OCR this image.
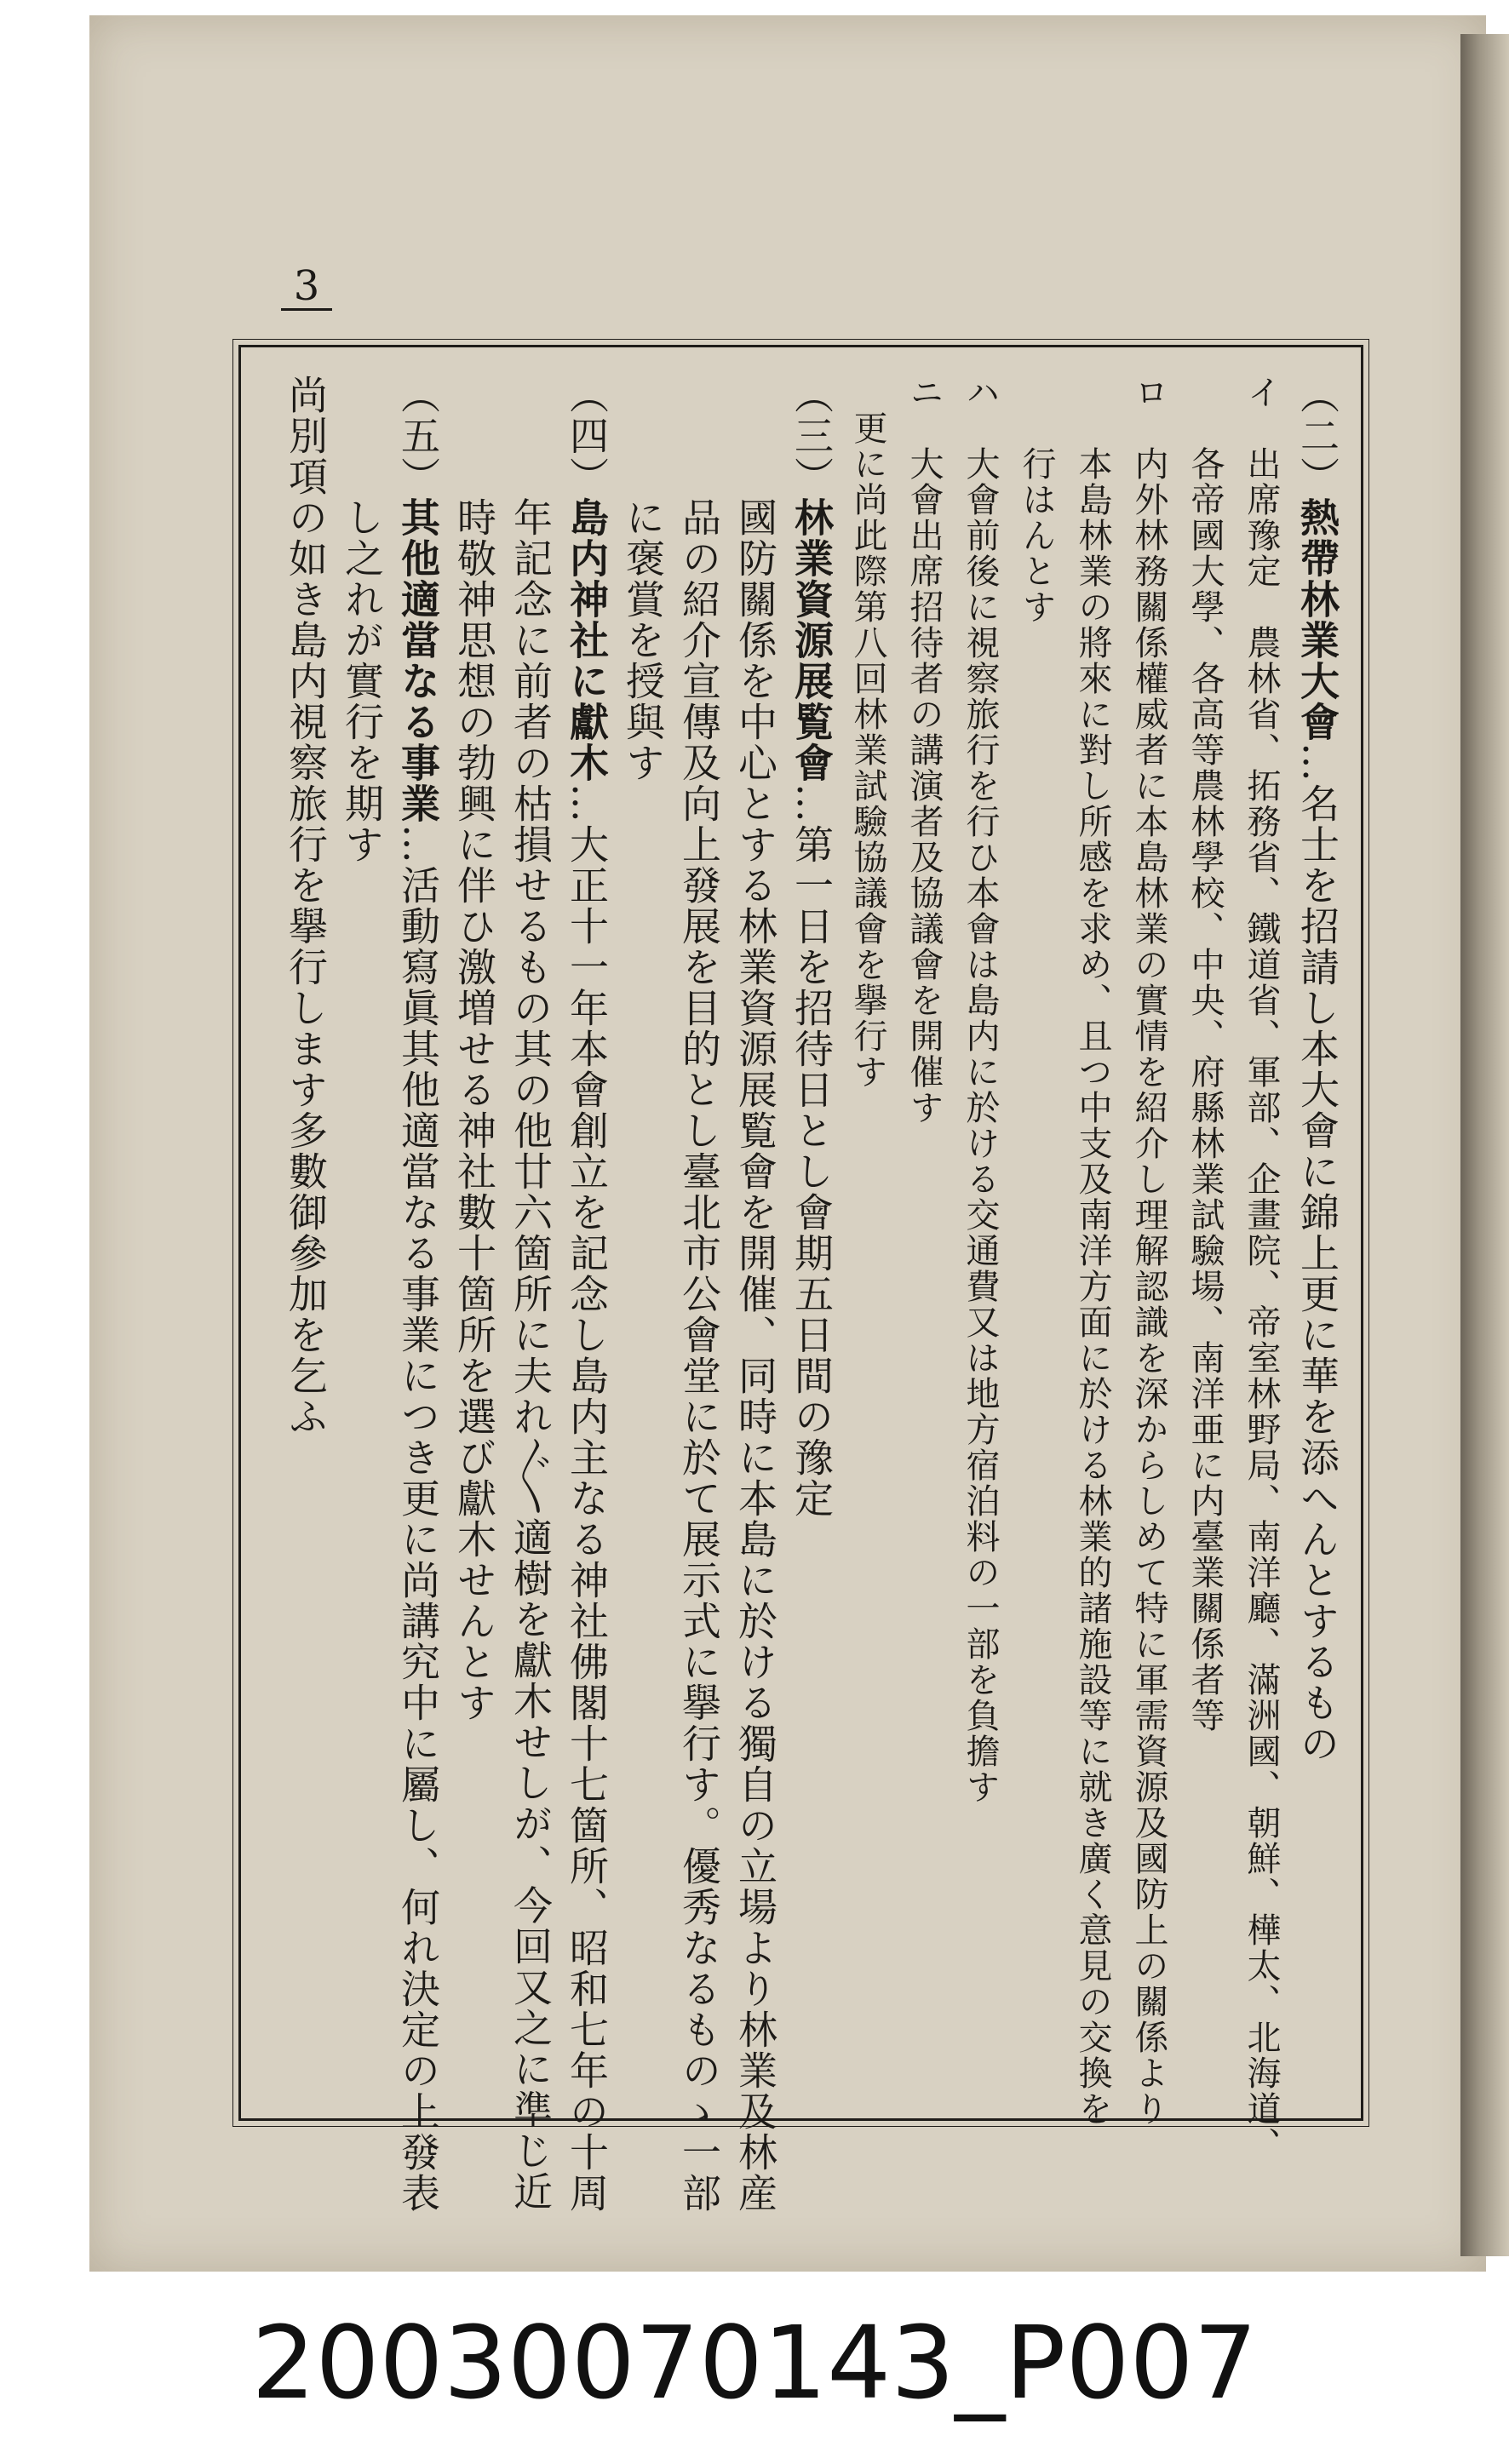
3
（二）熱帶林業大會…名士を招請し本大會に錦上更に華を添へんとするもの
イ　出席豫定　農林省、拓務省、鐵道省、軍部、企畫院、帝室林野局、南洋廳、滿洲國、朝鮮、樺太、北海道、
　　各帝國大學、各高等農林學校、中央、府縣林業試驗場、南洋亜に内臺業關係者等
ロ　内外林務關係權威者に本島林業の實情を紹介し理解認識を深からしめて特に軍需資源及國防上の關係より
　　本島林業の將來に對し所感を求め、且つ中支及南洋方面に於ける林業的諸施設等に就き廣く意見の交換を
　　行はんとす
ハ　大會前後に視察旅行を行ひ本會は島内に於ける交通費又は地方宿泊料の一部を負擔す
ニ　大會出席招待者の講演者及協議會を開催す
　更に尚此際第八回林業試驗協議會を擧行す
（三）林業資源展覧會…第一日を招待日とし會期五日間の豫定
　　　國防關係を中心とする林業資源展覧會を開催、同時に本島に於ける獨自の立場より林業及林産
　　　品の紹介宣傳及向上發展を目的とし臺北市公會堂に於て展示式に擧行す。優秀なるものゝ一部
　　　に褒賞を授與す
（四）島内神社に獻木…大正十一年本會創立を記念し島内主なる神社佛閣十七箇所、昭和七年の十周
　　　年記念に前者の枯損せるもの其の他廿六箇所に夫れ〲適樹を獻木せしが、今回又之に準じ近
　　　時敬神思想の勃興に伴ひ激増せる神社數十箇所を選び獻木せんとす
（五）其他適當なる事業…活動寫眞其他適當なる事業につき更に尚講究中に屬し、何れ決定の上發表
　　　し之れが實行を期す
尚別項の如き島内視察旅行を擧行します多數御參加を乞ふ
20030070143_P007
